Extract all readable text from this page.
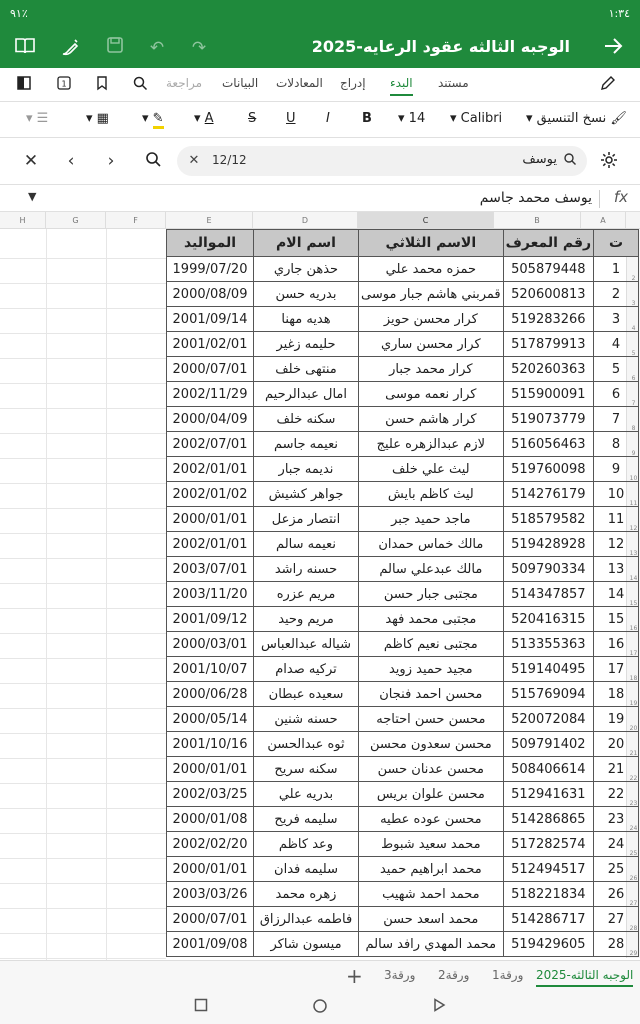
٩١٪	١:٣٤
↶	↷	الوجبه الثالثه عقود الرعايه-2025
1	مراجعة البيانات المعادلات إدراج البدء مستند
▾ ☰	▾ ▦	▾ ✎ ▾ A	S U I B ▾ 14 ▾ Calibri ▾ نسخ التنسيق 🖌
✕	‹	›	✕ 12/12	يوسف
▼	يوسف محمد جاسم fx
H	G	F	E	D	C	B	A
2
3
4
5
6
7
8
9
10
11
12
13
14
15
16
17
18
19
20
21
22
23
24
25
26
27
28
29
ت	رقم المعرف	الاسم الثلاثي	اسم الام	المواليد
1	505879448	حمزه محمد علي	حذهن جاري	1999/07/20
2	520600813	قمربني هاشم جبار موسى	بدريه حسن	2000/08/09
3	519283266	كرار محسن حويز	هديه مهنا	2001/09/14
4	517879913	كرار محسن ساري	حليمه زغير	2001/02/01
5	520260363	كرار محمد جبار	منتهى خلف	2000/07/01
6	515900091	كرار نعمه موسى	امال عبدالرحيم	2002/11/29
7	519073779	كرار هاشم حسن	سكنه خلف	2000/04/09
8	516056463	لازم عبدالزهره عليج	نعيمه جاسم	2002/07/01
9	519760098	ليث علي خلف	نديمه جبار	2002/01/01
10	514276179	ليث كاظم بايش	جواهر كشيش	2002/01/02
11	518579582	ماجد حميد جبر	انتصار مزعل	2000/01/01
12	519428928	مالك خماس حمدان	نعيمه سالم	2002/01/01
13	509790334	مالك عبدعلي سالم	حسنه راشد	2003/07/01
14	514347857	مجتبى جبار حسن	مريم عزره	2003/11/20
15	520416315	مجتبى محمد فهد	مريم وحيد	2001/09/12
16	513355363	مجتبى نعيم كاظم	شياله عبدالعباس	2000/03/01
17	519140495	مجيد حميد زويد	تركيه صدام	2001/10/07
18	515769094	محسن احمد فنجان	سعيده عبطان	2000/06/28
19	520072084	محسن حسن احتاجه	حسنه شنين	2000/05/14
20	509791402	محسن سعدون محسن	ثوه عبدالحسن	2001/10/16
21	508406614	محسن عدنان حسن	سكنه سريح	2000/01/01
22	512941631	محسن علوان بريس	بدريه علي	2002/03/25
23	514286865	محسن عوده عطيه	سليمه فريح	2000/01/08
24	517282574	محمد سعيد شبوط	وعد كاظم	2002/02/20
25	512494517	محمد ابراهيم حميد	سليمه فدان	2000/01/01
26	518221834	محمد احمد شهيب	زهره محمد	2003/03/26
27	514286717	محمد اسعد حسن	فاطمه عبدالرزاق	2000/07/01
28	519429605	محمد المهدي رافد سالم	ميسون شاكر	2001/09/08
+ ورقة3 ورقة2 ورقة1 الوجبه الثالثه-2025
